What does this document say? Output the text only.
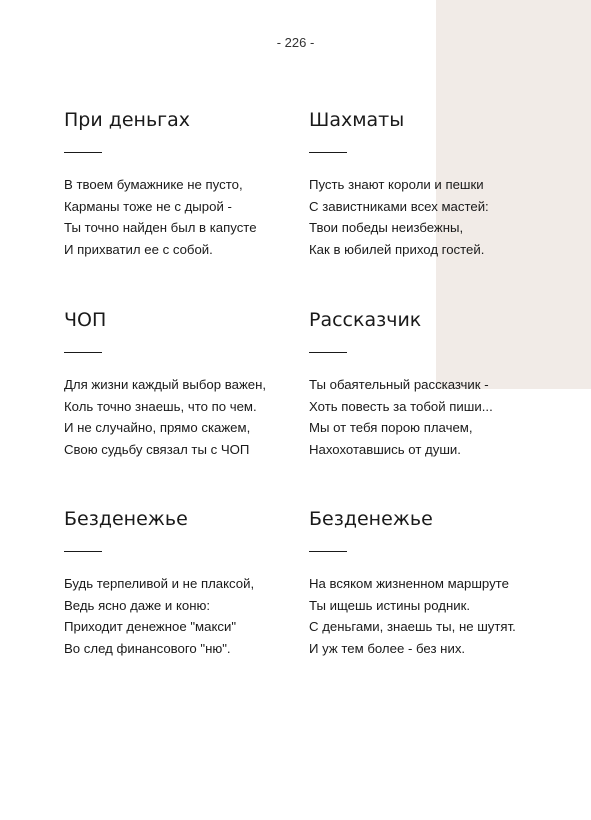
- 226 -
При деньгах
В твоем бумажнике не пусто,
Карманы тоже не с дырой -
Ты точно найден был в капусте
И прихватил ее с собой.
Шахматы
Пусть знают короли и пешки
С завистниками всех мастей:
Твои победы неизбежны,
Как в юбилей приход гостей.
ЧОП
Для жизни каждый выбор важен,
Коль точно знаешь, что по чем.
И не случайно, прямо скажем,
Свою судьбу связал ты с ЧОП
Рассказчик
Ты обаятельный рассказчик -
Хоть повесть за тобой пиши...
Мы от тебя порою плачем,
Нахохотавшись от души.
Безденежье
Будь терпеливой и не плаксой,
Ведь ясно даже и коню:
Приходит денежное "макси"
Во след финансового "ню".
Безденежье
На всяком жизненном маршруте
Ты ищешь истины родник.
С деньгами, знаешь ты, не шутят.
И уж тем более - без них.
